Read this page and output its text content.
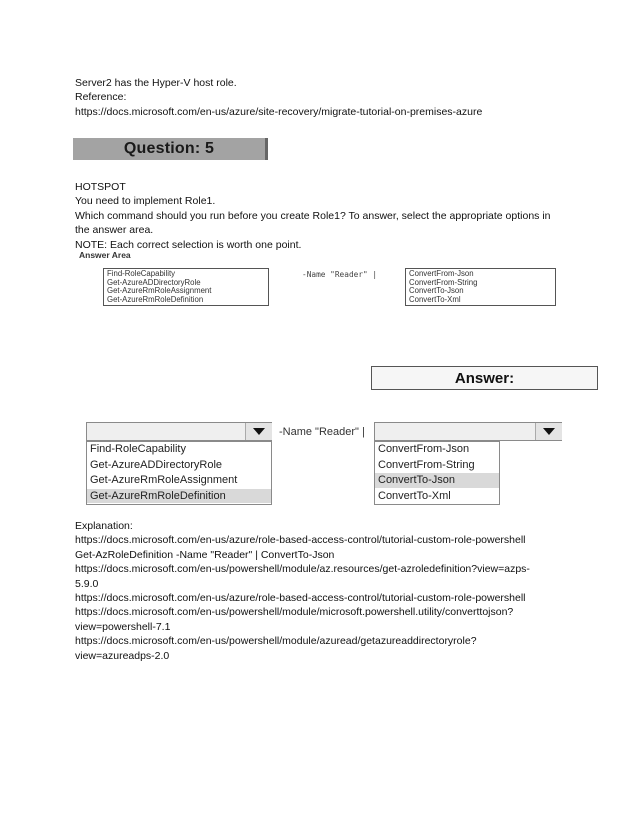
Server2 has the Hyper-V host role.
Reference:
https://docs.microsoft.com/en-us/azure/site-recovery/migrate-tutorial-on-premises-azure
Question: 5
HOTSPOT
You need to implement Role1.
Which command should you run before you create Role1? To answer, select the appropriate options in
the answer area.
NOTE: Each correct selection is worth one point.
Answer Area
Find-RoleCapability
Get-AzureADDirectoryRole
Get-AzureRmRoleAssignment
Get-AzureRmRoleDefinition
-Name "Reader" |	ConvertFrom-Json
ConvertFrom-String
ConvertTo-Json
ConvertTo-Xml
Answer:
Find-RoleCapability
Get-AzureADDirectoryRole
Get-AzureRmRoleAssignment
Get-AzureRmRoleDefinition
-Name "Reader" |
ConvertFrom-Json
ConvertFrom-String
ConvertTo-Json
ConvertTo-Xml
Explanation:
https://docs.microsoft.com/en-us/azure/role-based-access-control/tutorial-custom-role-powershell
Get-AzRoleDefinition -Name "Reader" | ConvertTo-Json
https://docs.microsoft.com/en-us/powershell/module/az.resources/get-azroledefinition?view=azps-
5.9.0
https://docs.microsoft.com/en-us/azure/role-based-access-control/tutorial-custom-role-powershell
https://docs.microsoft.com/en-us/powershell/module/microsoft.powershell.utility/converttojson?
view=powershell-7.1
https://docs.microsoft.com/en-us/powershell/module/azuread/getazureaddirectoryrole?
view=azureadps-2.0
